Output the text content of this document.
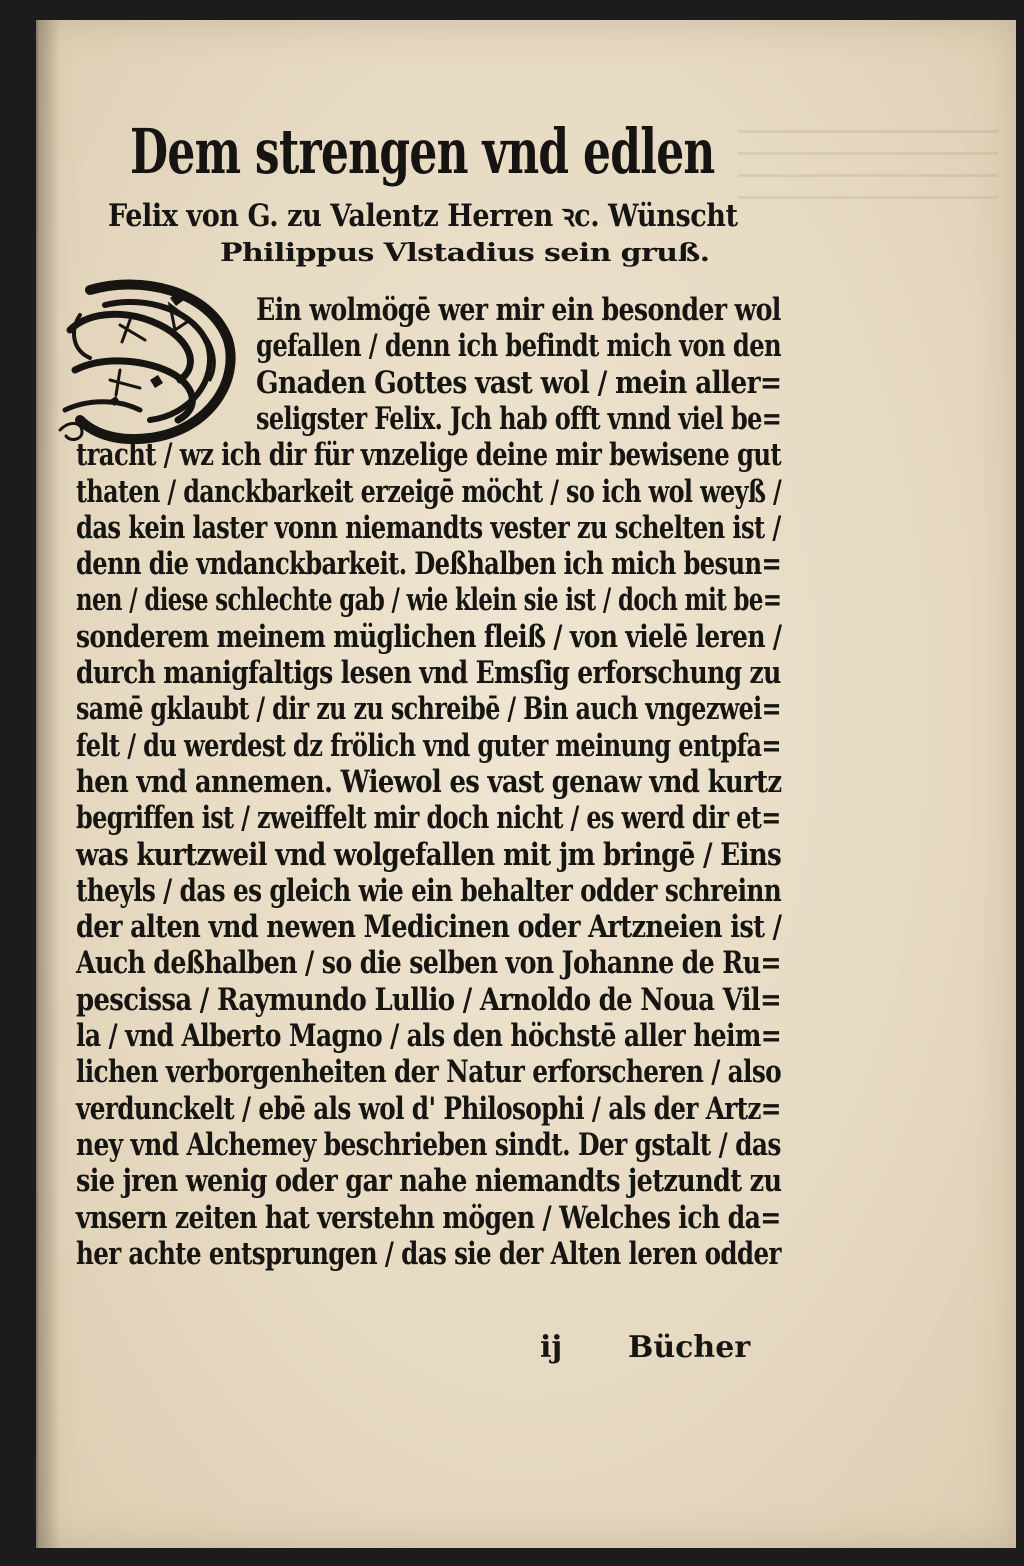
Dem strengen vnd edlen
Felix von G. zu Valentz Herren ꝛc. Wünscht
Philippus Vlstadius sein gruß.
Ein wolmögē wer mir ein besonder wol
gefallen / denn ich befindt mich von den
Gnaden Gottes vast wol / mein aller=
seligster Felix. Jch hab offt vnnd viel be=
tracht / wz ich dir für vnzelige deine mir bewisene gut
thaten / danckbarkeit erzeigē möcht / so ich wol weyß /
das kein laster vonn niemandts vester zu schelten ist /
denn die vndanckbarkeit. Deßhalben ich mich besun=
nen / diese schlechte gab / wie klein sie ist / doch mit be=
sonderem meinem müglichen fleiß / von vielē leren /
durch manigfaltigs lesen vnd Emsſig erforschung zu
samē gklaubt / dir zu zu schreibē / Bin auch vngezwei=
felt / du werdest dz frölich vnd guter meinung entpfa=
hen vnd annemen. Wiewol es vast genaw vnd kurtz
begriffen ist / zweiffelt mir doch nicht / es werd dir et=
was kurtzweil vnd wolgefallen mit jm bringē / Eins
theyls / das es gleich wie ein behalter odder schreinn
der alten vnd newen Medicinen oder Artzneien ist /
Auch deßhalben / so die selben von Johanne de Ru=
pescissa / Raymundo Lullio / Arnoldo de Noua Vil=
la / vnd Alberto Magno / als den höchstē aller heim=
lichen verborgenheiten der Natur erforscheren / also
verdunckelt / ebē als wol d' Philosophi / als der Artz=
ney vnd Alchemey beschrieben sindt. Der gstalt / das
sie jren wenig oder gar nahe niemandts jetzundt zu
vnsern zeiten hat verstehn mögen / Welches ich da=
her achte entsprungen / das sie der Alten leren odder
ij Bücher
